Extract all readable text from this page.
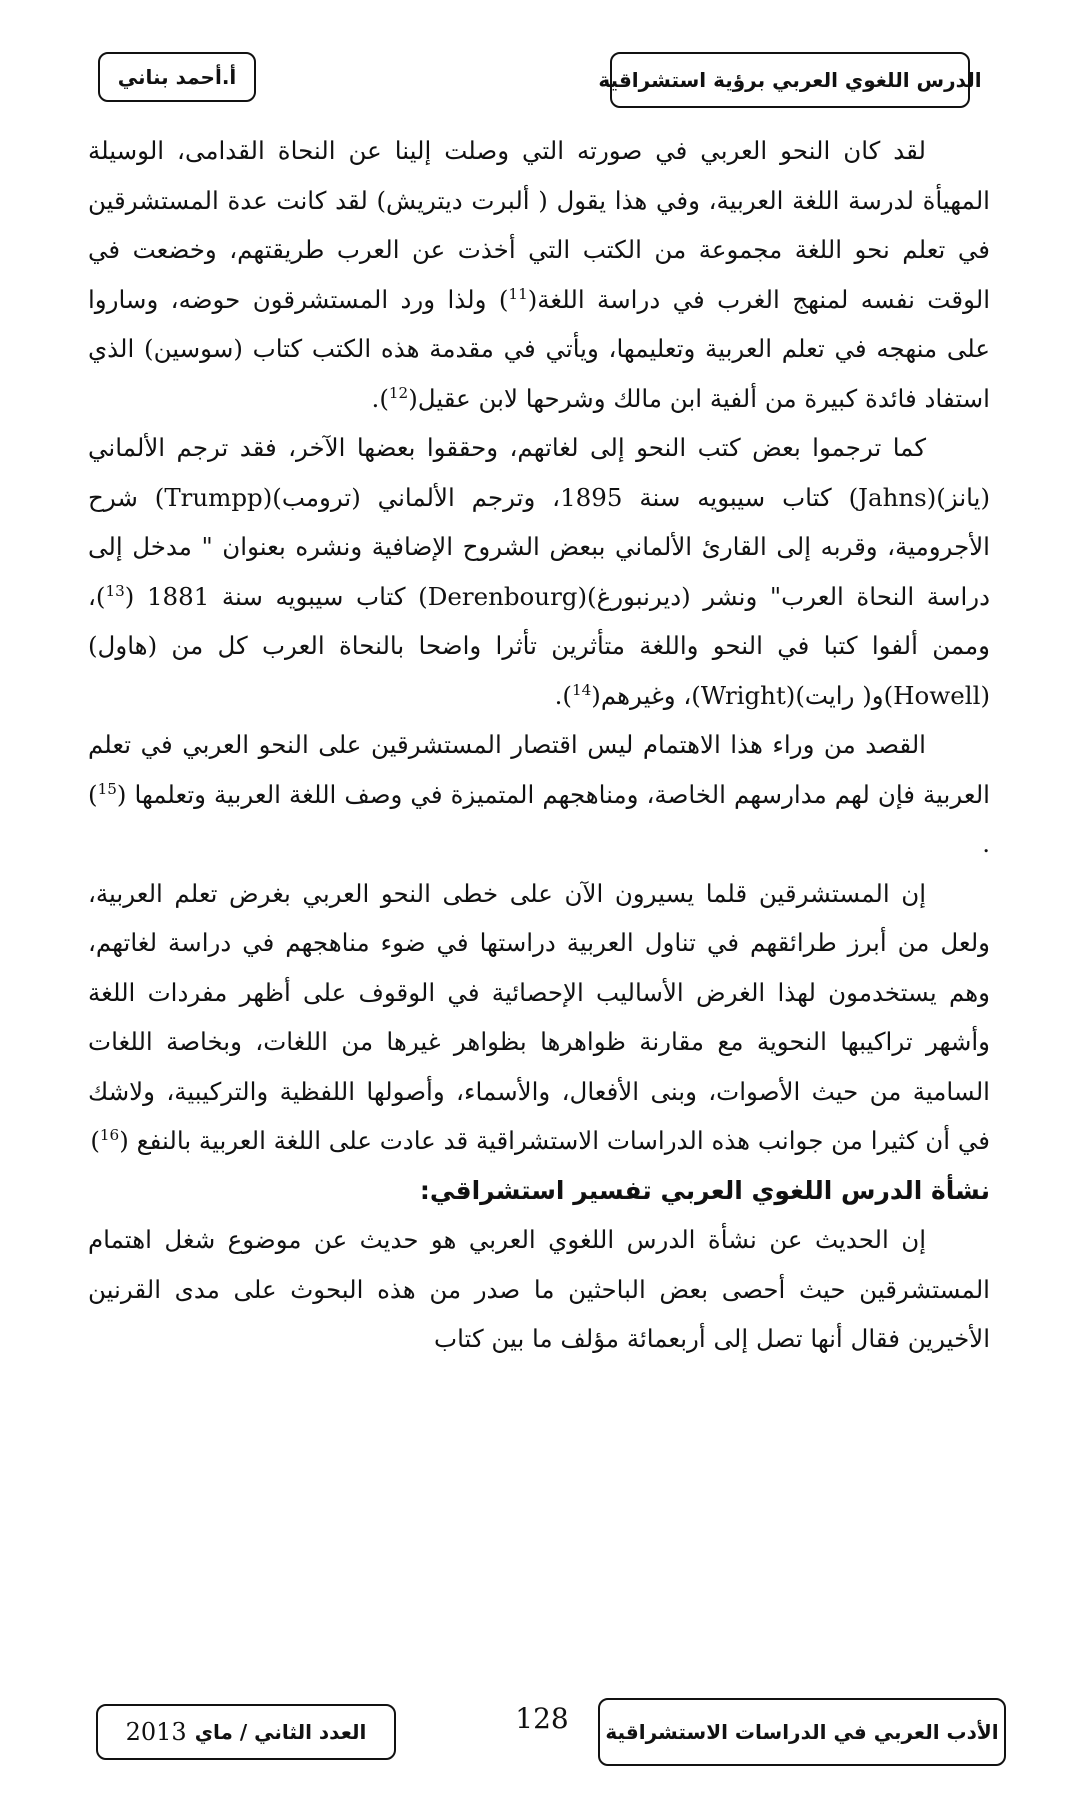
الدرس اللغوي العربي برؤية استشراقية
أ.أحمد بناني

لقد كان النحو العربي في صورته التي وصلت إلينا عن النحاة القدامى، الوسيلة المهيأة لدرسة اللغة العربية، وفي هذا يقول ( ألبرت ديتريش) لقد كانت عدة المستشرقين في تعلم نحو اللغة مجموعة من الكتب التي أخذت عن العرب طريقتهم، وخضعت في الوقت نفسه لمنهج الغرب في دراسة اللغة($^{11}$) ولذا ورد المستشرقون حوضه، وساروا على منهجه في تعلم العربية وتعليمها، ويأتي في مقدمة هذه الكتب كتاب (سوسين) الذي استفاد فائدة كبيرة من ألفية ابن مالك وشرحها لابن عقيل($^{12}$).

كما ترجموا بعض كتب النحو إلى لغاتهم، وحققوا بعضها الآخر، فقد ترجم الألماني (يانز)(Jahns) كتاب سيبويه سنة 1895، وترجم الألماني (ترومب)(Trumpp) شرح الأجرومية، وقربه إلى القارئ الألماني ببعض الشروح الإضافية ونشره بعنوان " مدخل إلى دراسة النحاة العرب" ونشر (ديرنبورغ)(Derenbourg) كتاب سيبويه سنة 1881 ($^{13}$)، وممن ألفوا كتبا في النحو واللغة متأثرين تأثرا واضحا بالنحاة العرب كل من (هاول)(Howell)و( رايت)(Wright)، وغيرهم($^{14}$).

القصد من وراء هذا الاهتمام ليس اقتصار المستشرقين على النحو العربي في تعلم العربية فإن لهم مدارسهم الخاصة، ومناهجهم المتميزة في وصف اللغة العربية وتعلمها ($^{15}$) .

إن المستشرقين قلما يسيرون الآن على خطى النحو العربي بغرض تعلم العربية، ولعل من أبرز طرائقهم في تناول العربية دراستها في ضوء مناهجهم في دراسة لغاتهم، وهم يستخدمون لهذا الغرض الأساليب الإحصائية في الوقوف على أظهر مفردات اللغة وأشهر تراكيبها النحوية مع مقارنة ظواهرها بظواهر غيرها من اللغات، وبخاصة اللغات السامية من حيث الأصوات، وبنى الأفعال، والأسماء، وأصولها اللفظية والتركيبية، ولاشك في أن كثيرا من جوانب هذه الدراسات الاستشراقية قد عادت على اللغة العربية بالنفع ($^{16}$)

نشأة الدرس اللغوي العربي تفسير استشراقي:

إن الحديث عن نشأة الدرس اللغوي العربي هو حديث عن موضوع شغل اهتمام المستشرقين حيث أحصى بعض الباحثين ما صدر من هذه البحوث على مدى القرنين الأخيرين فقال أنها تصل إلى أربعمائة مؤلف ما بين كتاب

الأدب العربي في الدراسات الاستشراقية
128
العدد الثاني / ماي
2013
